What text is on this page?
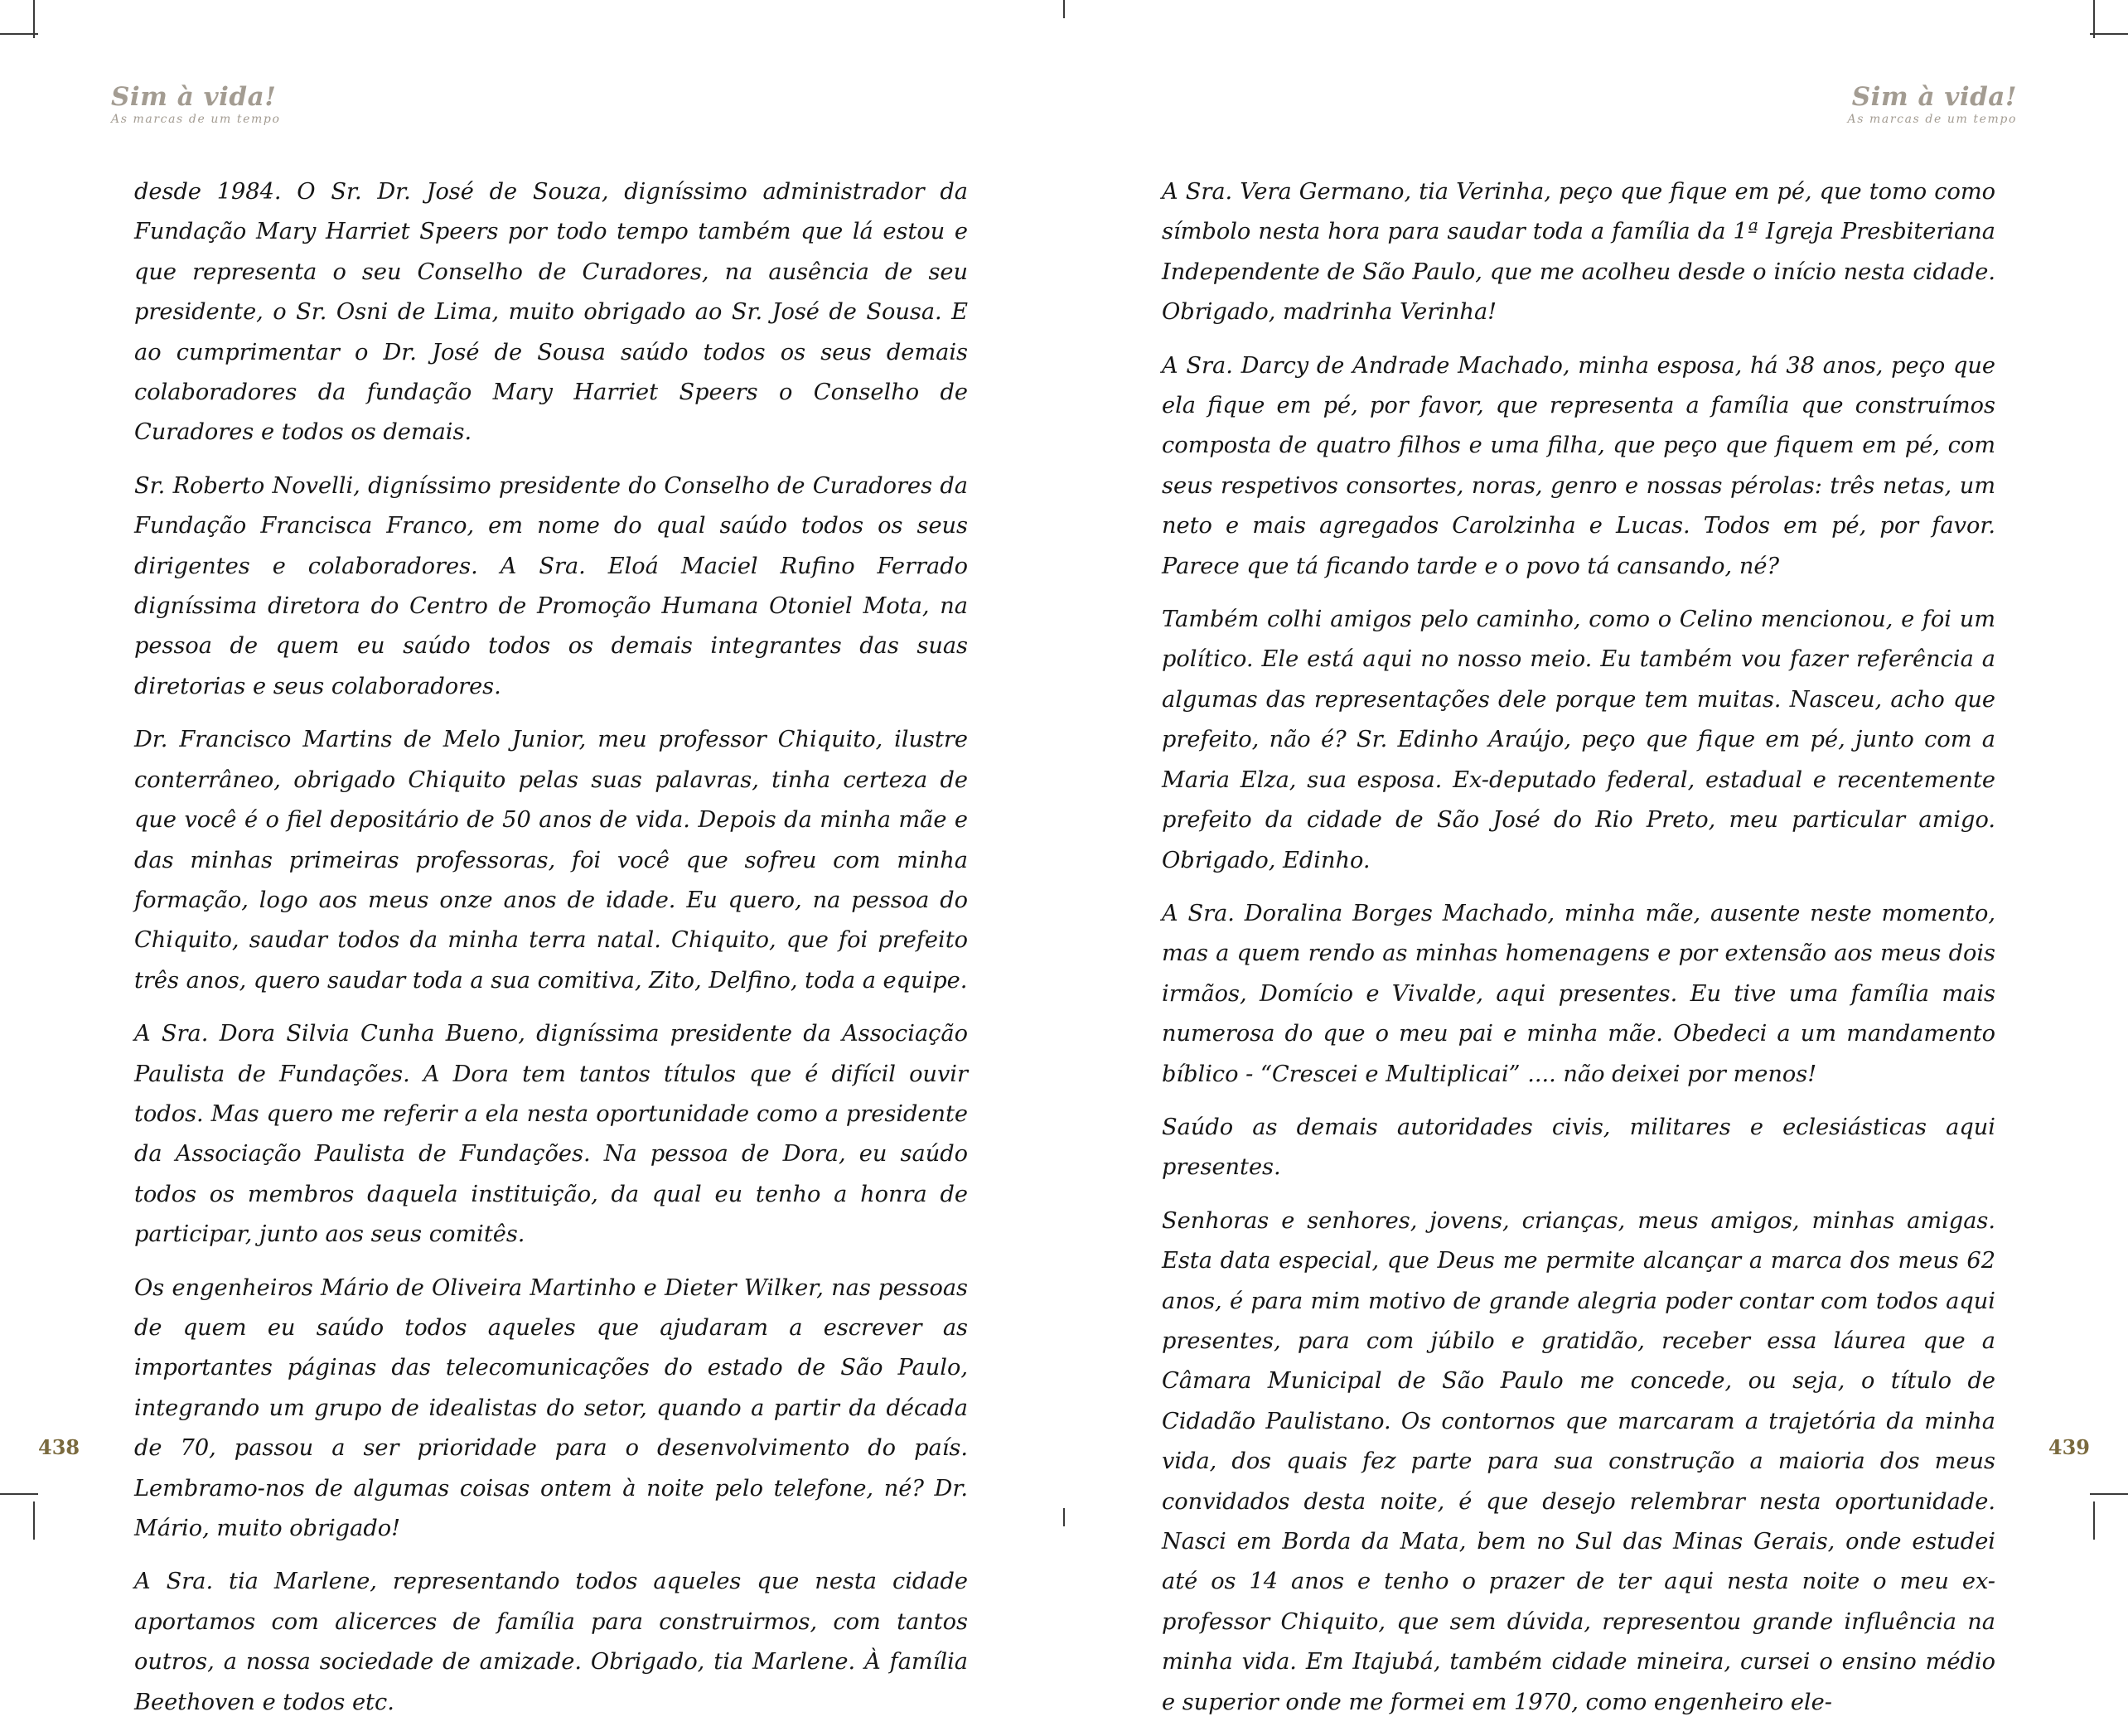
Sim à vida!
As marcas de um tempo

desde 1984. O Sr. Dr. José de Souza, digníssimo administrador da Fundação Mary Harriet Speers por todo tempo também que lá estou e que representa o seu Conselho de Curadores, na ausência de seu presidente, o Sr. Osni de Lima, muito obrigado ao Sr. José de Sousa. E ao cumprimentar o Dr. José de Sousa saúdo todos os seus demais colaboradores da fundação Mary Harriet Speers o Conselho de Curadores e todos os demais.

Sr. Roberto Novelli, digníssimo presidente do Conselho de Curadores da Fundação Francisca Franco, em nome do qual saúdo todos os seus dirigentes e colaboradores. A Sra. Eloá Maciel Rufino Ferrado digníssima diretora do Centro de Promoção Humana Otoniel Mota, na pessoa de quem eu saúdo todos os demais integrantes das suas diretorias e seus colaboradores.

Dr. Francisco Martins de Melo Junior, meu professor Chiquito, ilustre conterrâneo, obrigado Chiquito pelas suas palavras, tinha certeza de que você é o fiel depositário de 50 anos de vida. Depois da minha mãe e das minhas primeiras professoras, foi você que sofreu com minha formação, logo aos meus onze anos de idade. Eu quero, na pessoa do Chiquito, saudar todos da minha terra natal. Chiquito, que foi prefeito três anos, quero saudar toda a sua comitiva, Zito, Delfino, toda a equipe.

A Sra. Dora Silvia Cunha Bueno, digníssima presidente da Associação Paulista de Fundações. A Dora tem tantos títulos que é difícil ouvir todos. Mas quero me referir a ela nesta oportunidade como a presidente da Associação Paulista de Fundações. Na pessoa de Dora, eu saúdo todos os membros daquela instituição, da qual eu tenho a honra de participar, junto aos seus comitês.

Os engenheiros Mário de Oliveira Martinho e Dieter Wilker, nas pessoas de quem eu saúdo todos aqueles que ajudaram a escrever as importantes páginas das telecomunicações do estado de São Paulo, integrando um grupo de idealistas do setor, quando a partir da década de 70, passou a ser prioridade para o desenvolvimento do país. Lembramo-nos de algumas coisas ontem à noite pelo telefone, né? Dr. Mário, muito obrigado!

A Sra. tia Marlene, representando todos aqueles que nesta cidade aportamos com alicerces de família para construirmos, com tantos outros, a nossa sociedade de amizade. Obrigado, tia Marlene. À família Beethoven e todos etc.

438
Sim à vida!
As marcas de um tempo

A Sra. Vera Germano, tia Verinha, peço que fique em pé, que tomo como símbolo nesta hora para saudar toda a família da 1ª Igreja Presbiteriana Independente de São Paulo, que me acolheu desde o início nesta cidade. Obrigado, madrinha Verinha!

A Sra. Darcy de Andrade Machado, minha esposa, há 38 anos, peço que ela fique em pé, por favor, que representa a família que construímos composta de quatro filhos e uma filha, que peço que fiquem em pé, com seus respetivos consortes, noras, genro e nossas pérolas: três netas, um neto e mais agregados Carolzinha e Lucas. Todos em pé, por favor. Parece que tá ficando tarde e o povo tá cansando, né?

Também colhi amigos pelo caminho, como o Celino mencionou, e foi um político. Ele está aqui no nosso meio. Eu também vou fazer referência a algumas das representações dele porque tem muitas. Nasceu, acho que prefeito, não é? Sr. Edinho Araújo, peço que fique em pé, junto com a Maria Elza, sua esposa. Ex-deputado federal, estadual e recentemente prefeito da cidade de São José do Rio Preto, meu particular amigo. Obrigado, Edinho.

A Sra. Doralina Borges Machado, minha mãe, ausente neste momento, mas a quem rendo as minhas homenagens e por extensão aos meus dois irmãos, Domício e Vivalde, aqui presentes. Eu tive uma família mais numerosa do que o meu pai e minha mãe. Obedeci a um mandamento bíblico - “Crescei e Multiplicai” .... não deixei por menos!

Saúdo as demais autoridades civis, militares e eclesiásticas aqui presentes.

Senhoras e senhores, jovens, crianças, meus amigos, minhas amigas. Esta data especial, que Deus me permite alcançar a marca dos meus 62 anos, é para mim motivo de grande alegria poder contar com todos aqui presentes, para com júbilo e gratidão, receber essa láurea que a Câmara Municipal de São Paulo me concede, ou seja, o título de Cidadão Paulistano. Os contornos que marcaram a trajetória da minha vida, dos quais fez parte para sua construção a maioria dos meus convidados desta noite, é que desejo relembrar nesta oportunidade. Nasci em Borda da Mata, bem no Sul das Minas Gerais, onde estudei até os 14 anos e tenho o prazer de ter aqui nesta noite o meu ex-professor Chiquito, que sem dúvida, representou grande influência na minha vida. Em Itajubá, também cidade mineira, cursei o ensino médio e superior onde me formei em 1970, como engenheiro ele-

439
